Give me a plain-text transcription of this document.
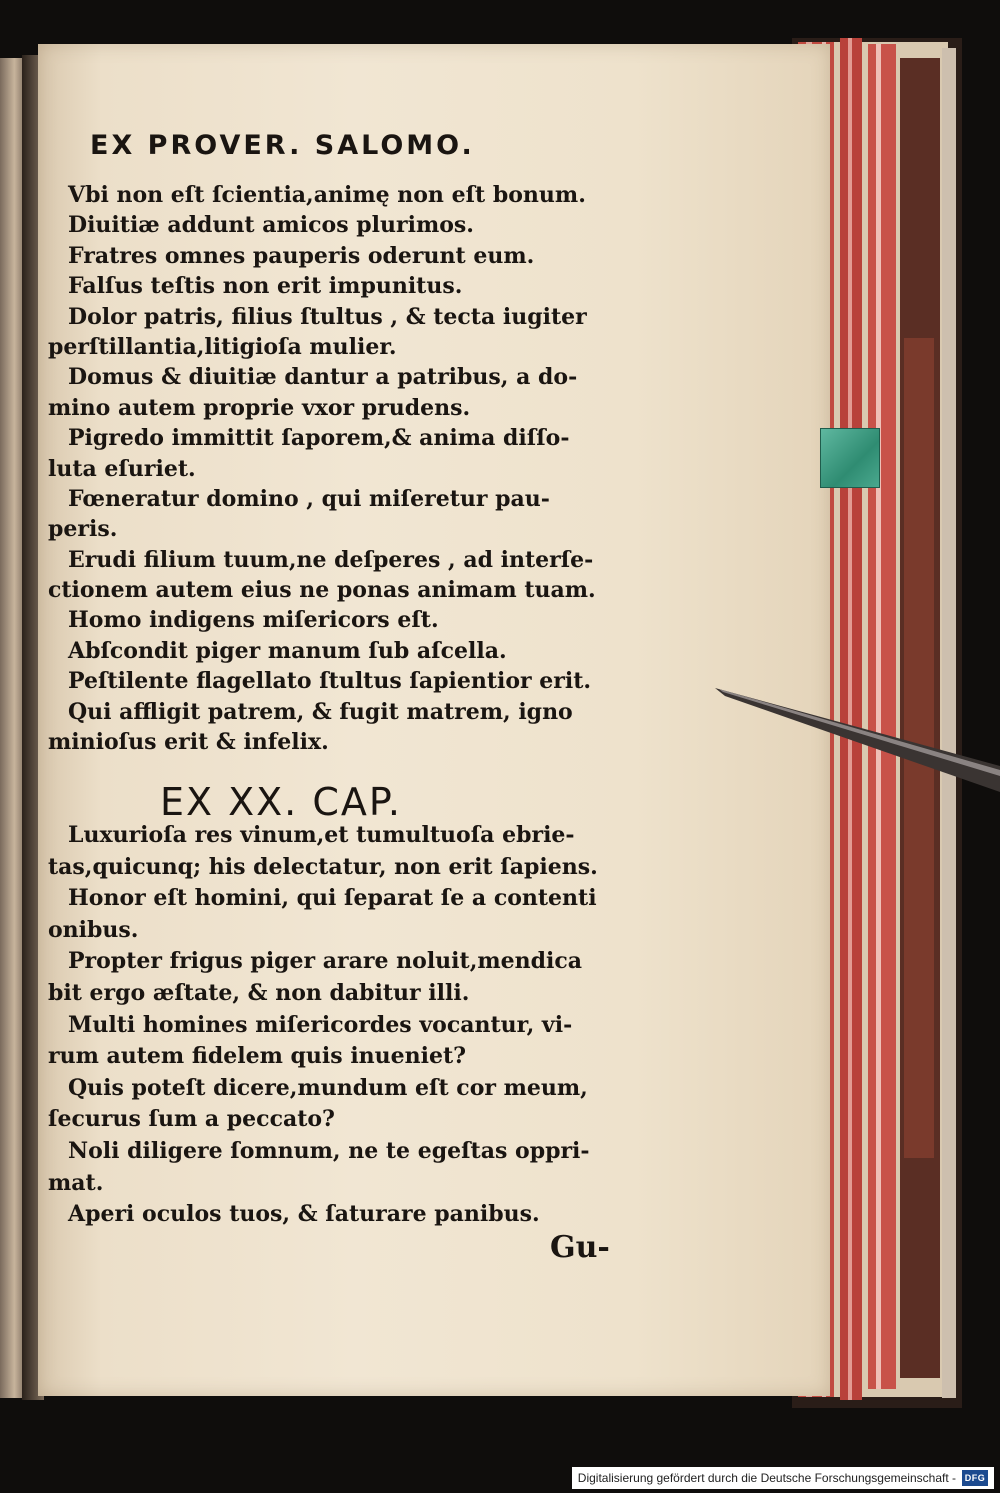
EX PROVER. SALOMO.
Vbi non eſt ſcientia,animę non eſt bonum.
Diuitiæ addunt amicos plurimos.
Fratres omnes pauperis oderunt eum.
Falſus teſtis non erit impunitus.
Dolor patris, filius ſtultus , & tecta iugiter
perſtillantia,litigioſa mulier.
Domus & diuitiæ dantur a patribus, a do-
mino autem proprie vxor prudens.
Pigredo immittit ſaporem,& anima diſſo-
luta eſuriet.
Fœneratur domino , qui miſeretur pau-
peris.
Erudi filium tuum,ne deſperes , ad interſe-
ctionem autem eius ne ponas animam tuam.
Homo indigens miſericors eſt.
Abſcondit piger manum ſub aſcella.
Peſtilente flagellato ſtultus ſapientior erit.
Qui affligit patrem, & fugit matrem, igno
minioſus erit & infelix.
EX XX. CAP.
Luxurioſa res vinum,et tumultuoſa ebrie-
tas,quicunq; his delectatur, non erit ſapiens.
Honor eſt homini, qui ſeparat ſe a contenti
onibus.
Propter frigus piger arare noluit,mendica
bit ergo æſtate, & non dabitur illi.
Multi homines miſericordes vocantur, vi-
rum autem fidelem quis inueniet?
Quis poteſt dicere,mundum eſt cor meum,
ſecurus ſum a peccato?
Noli diligere ſomnum, ne te egeſtas oppri-
mat.
Aperi oculos tuos, & ſaturare panibus.
Gu-
Digitalisierung gefördert durch die Deutsche Forschungsgemeinschaft - DFG
